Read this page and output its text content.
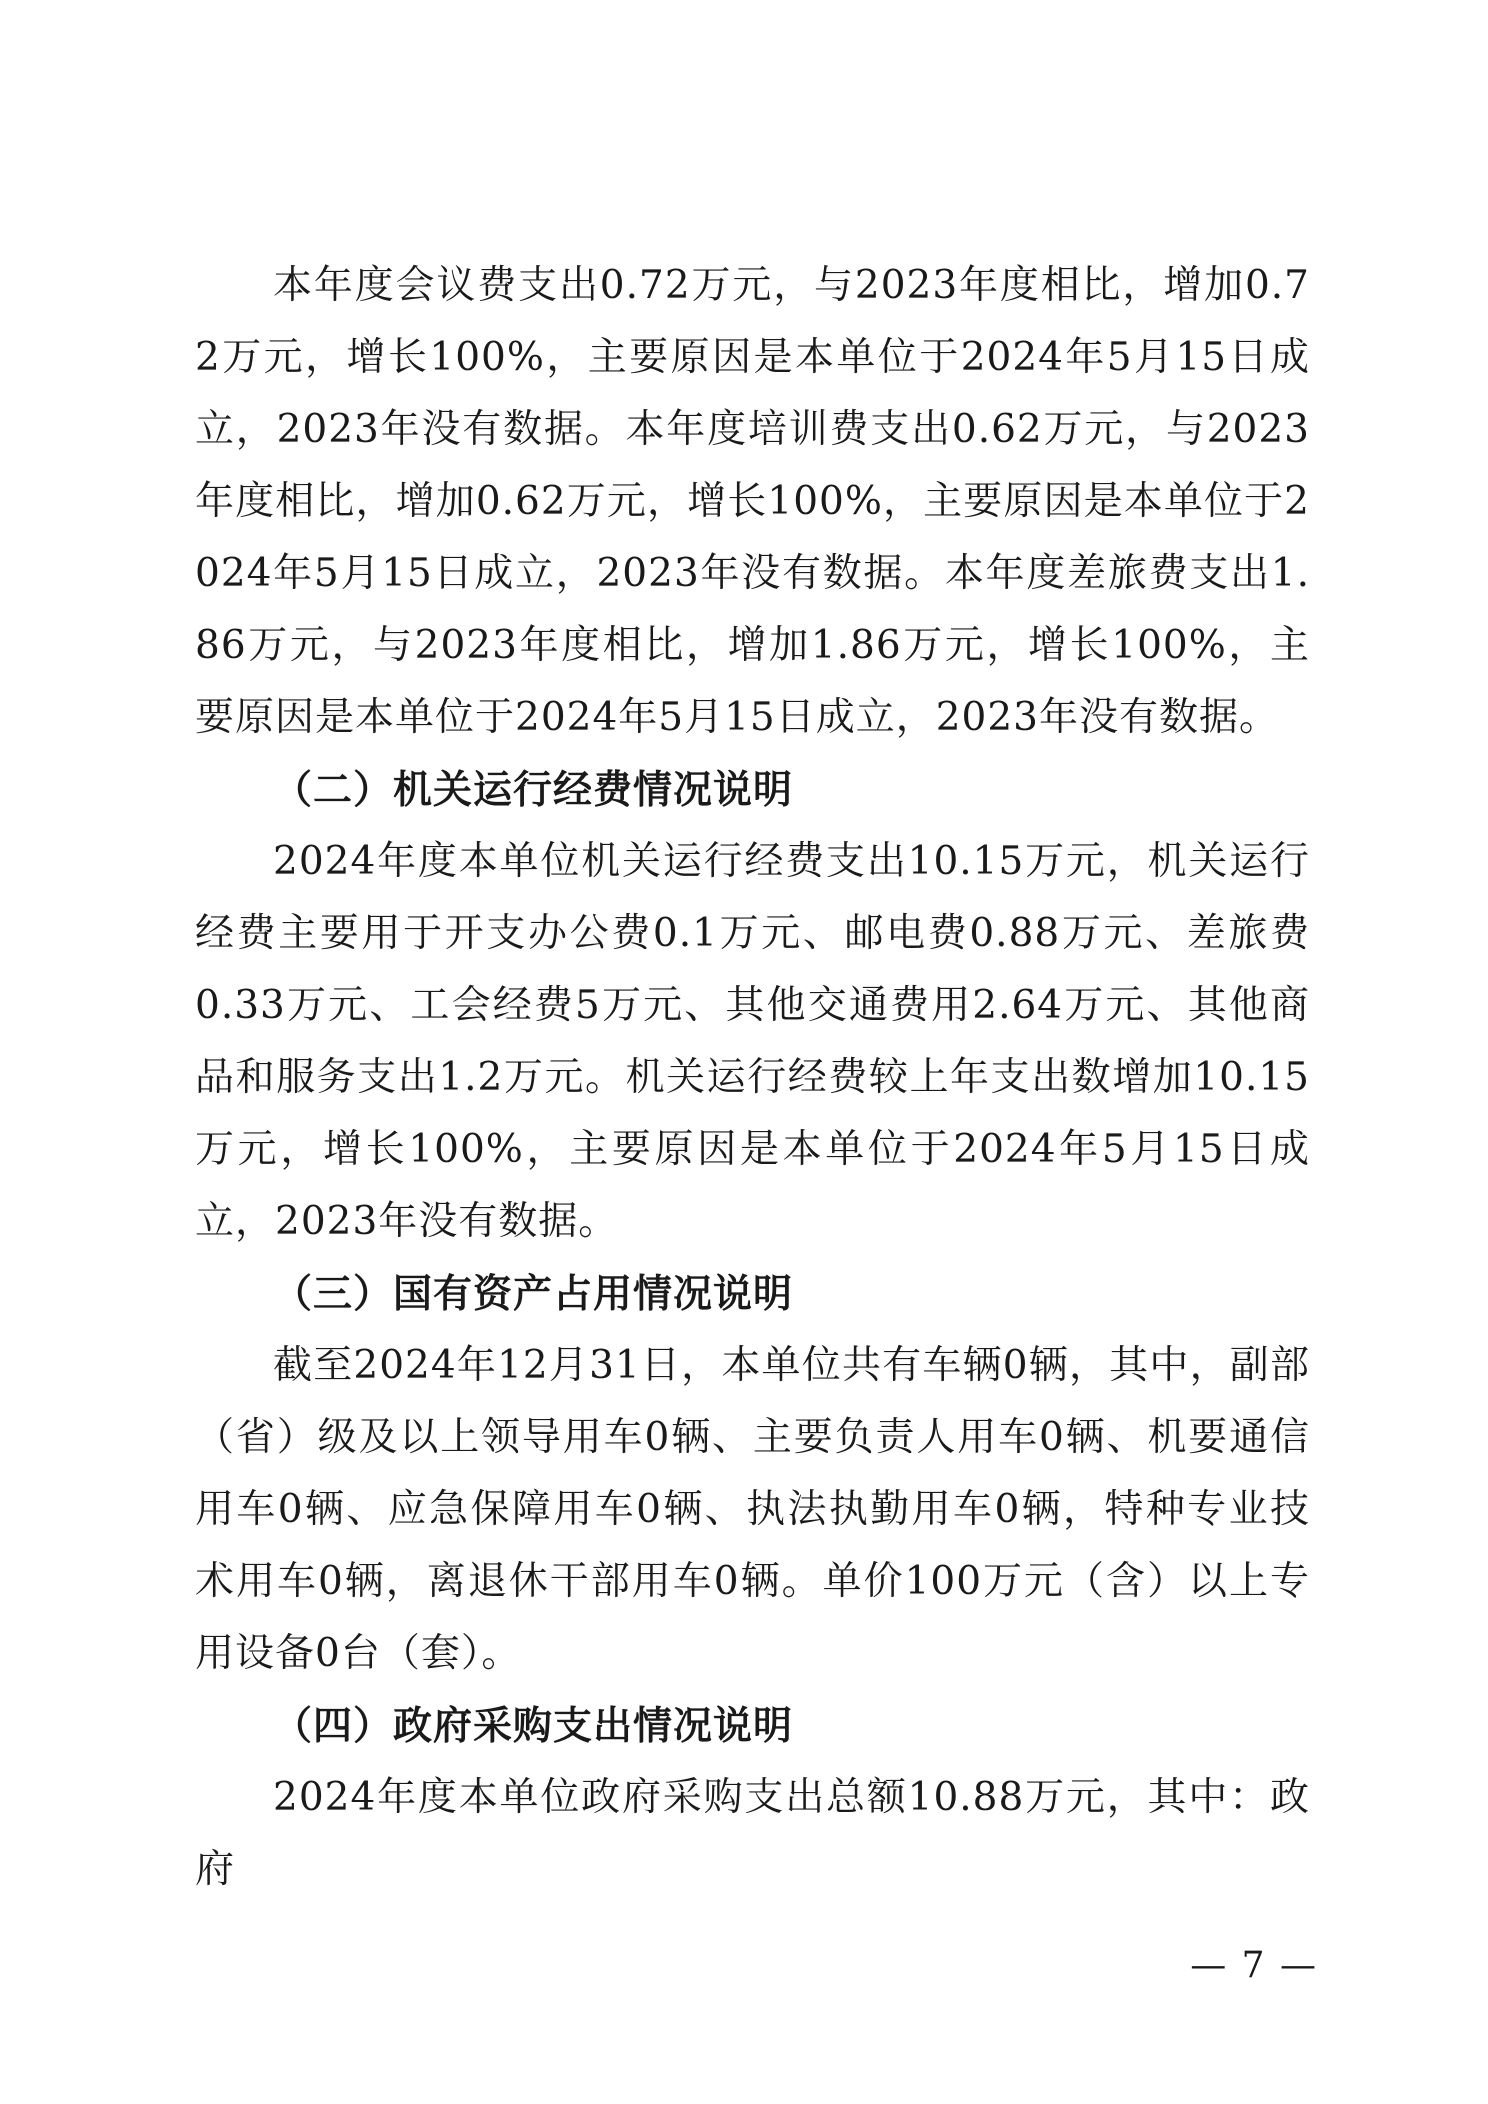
本年度会议费支出0.72万元，与2023年度相比，增加0.72万元，增长100%，主要原因是本单位于2024年5月15日成立，2023年没有数据。本年度培训费支出0.62万元，与2023年度相比，增加0.62万元，增长100%，主要原因是本单位于2024年5月15日成立，2023年没有数据。本年度差旅费支出1.86万元，与2023年度相比，增加1.86万元，增长100%，主要原因是本单位于2024年5月15日成立，2023年没有数据。

（二）机关运行经费情况说明

2024年度本单位机关运行经费支出10.15万元，机关运行经费主要用于开支办公费0.1万元、邮电费0.88万元、差旅费0.33万元、工会经费5万元、其他交通费用2.64万元、其他商品和服务支出1.2万元。机关运行经费较上年支出数增加10.15万元，增长100%，主要原因是本单位于2024年5月15日成立，2023年没有数据。

（三）国有资产占用情况说明

截至2024年12月31日，本单位共有车辆0辆，其中，副部（省）级及以上领导用车0辆、主要负责人用车0辆、机要通信用车0辆、应急保障用车0辆、执法执勤用车0辆，特种专业技术用车0辆，离退休干部用车0辆。单价100万元（含）以上专用设备0台（套）。

（四）政府采购支出情况说明

2024年度本单位政府采购支出总额10.88万元，其中：政府

— 7 —
